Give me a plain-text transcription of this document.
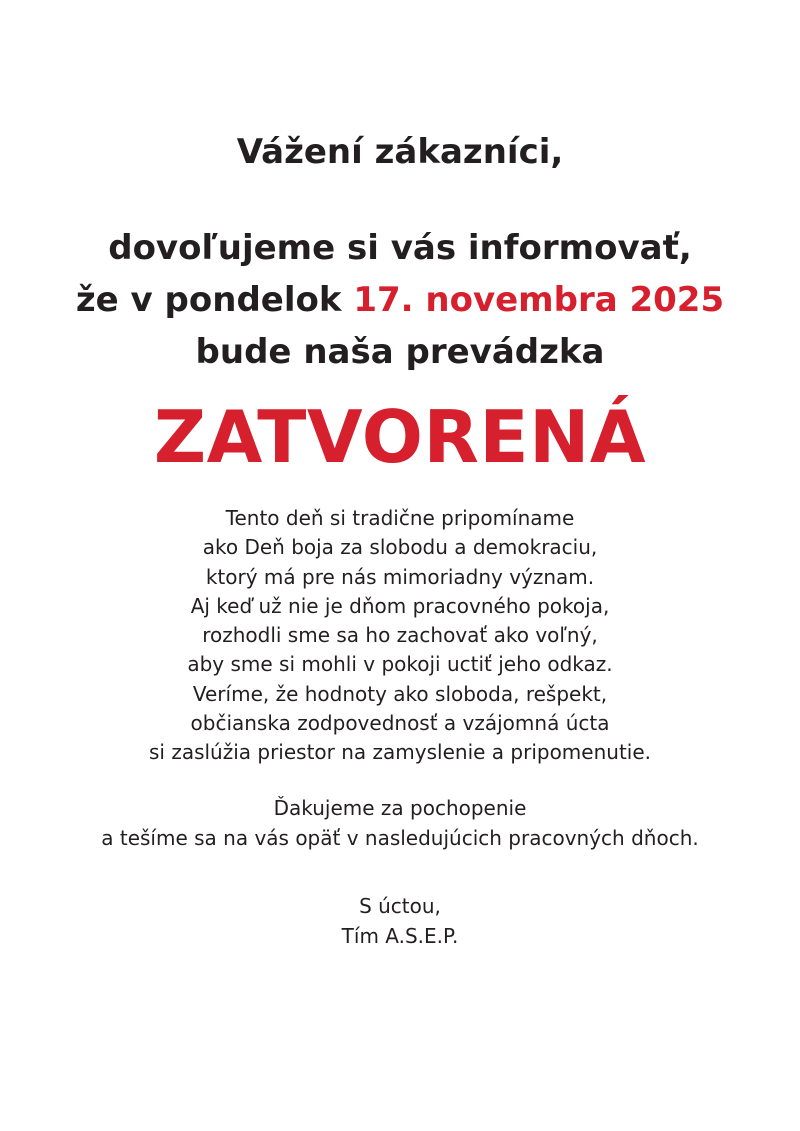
Vážení zákazníci,

dovoľujeme si vás informovať,
že v pondelok 17. novembra 2025
bude naša prevádzka

ZATVORENÁ

Tento deň si tradične pripomíname
ako Deň boja za slobodu a demokraciu,
ktorý má pre nás mimoriadny význam.
Aj keď už nie je dňom pracovného pokoja,
rozhodli sme sa ho zachovať ako voľný,
aby sme si mohli v pokoji uctiť jeho odkaz.
Veríme, že hodnoty ako sloboda, rešpekt,
občianska zodpovednosť a vzájomná úcta
si zaslúžia priestor na zamyslenie a pripomenutie.

Ďakujeme za pochopenie
a tešíme sa na vás opäť v nasledujúcich pracovných dňoch.

S úctou,
Tím A.S.E.P.
